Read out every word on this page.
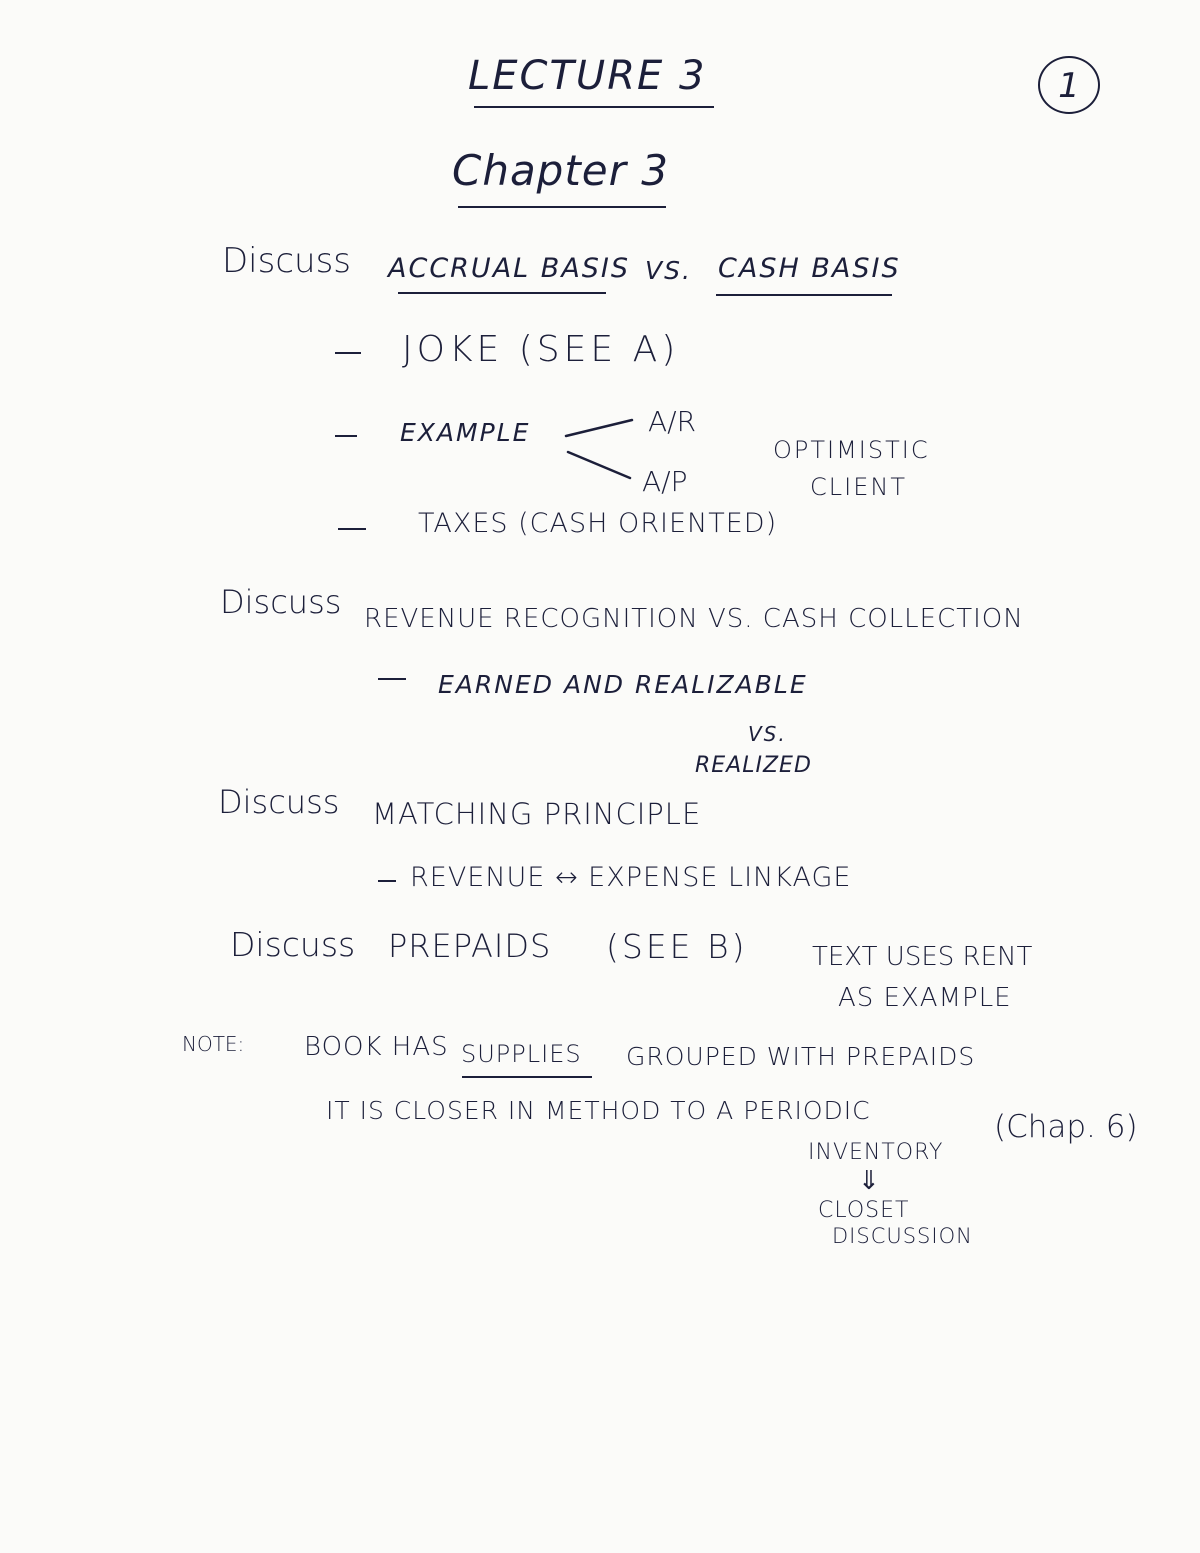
LECTURE 3
Chapter 3
1
Discuss ACCRUAL BASIS VS. CASH BASIS
JOKE (SEE A)
EXAMPLE	A/R
A/P
OPTIMISTIC
CLIENT
TAXES (CASH ORIENTED)
Discuss REVENUE RECOGNITION VS. CASH COLLECTION
EARNED AND REALIZABLE
VS.
REALIZED
Discuss MATCHING PRINCIPLE
REVENUE ↔ EXPENSE LINKAGE
Discuss PREPAIDS (SEE B) TEXT USES RENT
AS EXAMPLE
NOTE: BOOK HAS SUPPLIES GROUPED WITH PREPAIDS
IT IS CLOSER IN METHOD TO A PERIODIC
INVENTORY
(Chap. 6)
⇓
CLOSET
DISCUSSION
